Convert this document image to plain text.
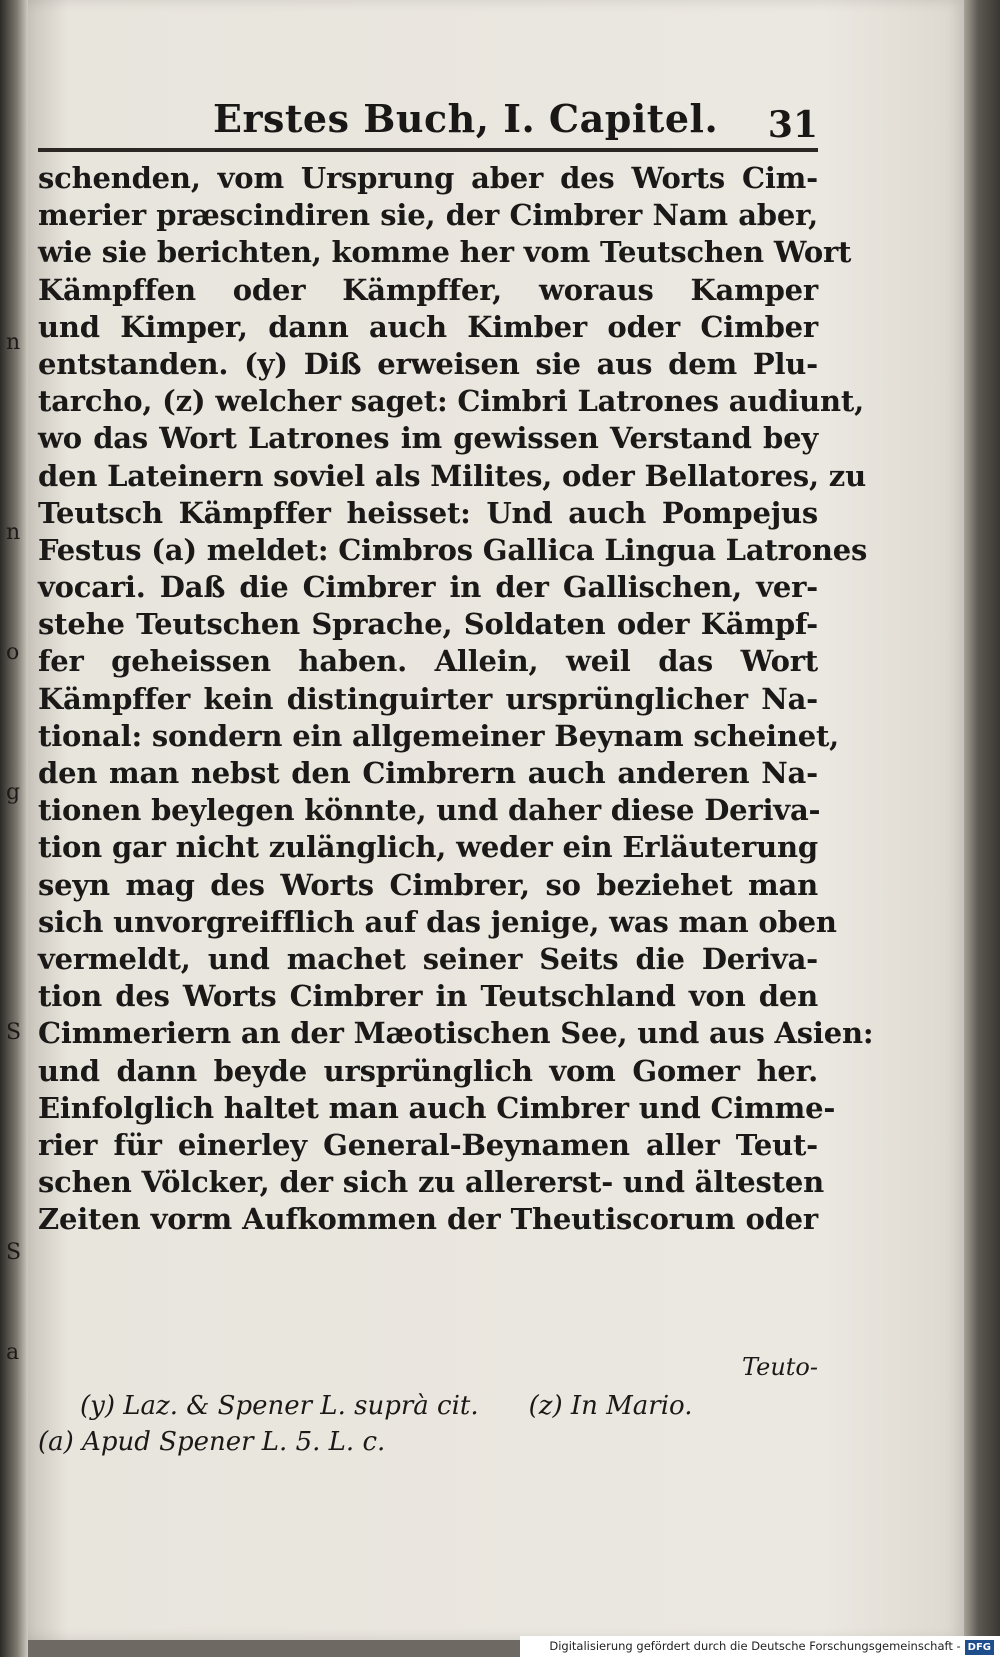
n
n
o
g
S
S
a
Erstes Buch, I. Capitel. 31
schenden, vom Ursprung aber des Worts Cim-
merier præscindiren sie, der Cimbrer Nam aber,
wie sie berichten, komme her vom Teutschen Wort
Kämpffen oder Kämpffer, woraus Kamper
und Kimper, dann auch Kimber oder Cimber
entstanden. (y) Diß erweisen sie aus dem Plu-
tarcho, (z) welcher saget: Cimbri Latrones audiunt,
wo das Wort Latrones im gewissen Verstand bey
den Lateinern soviel als Milites, oder Bellatores, zu
Teutsch Kämpffer heisset: Und auch Pompejus
Festus (a) meldet: Cimbros Gallica Lingua Latrones
vocari. Daß die Cimbrer in der Gallischen, ver-
stehe Teutschen Sprache, Soldaten oder Kämpf-
fer geheissen haben. Allein, weil das Wort
Kämpffer kein distinguirter ursprünglicher Na-
tional: sondern ein allgemeiner Beynam scheinet,
den man nebst den Cimbrern auch anderen Na-
tionen beylegen könnte, und daher diese Deriva-
tion gar nicht zulänglich, weder ein Erläuterung
seyn mag des Worts Cimbrer, so beziehet man
sich unvorgreifflich auf das jenige, was man oben
vermeldt, und machet seiner Seits die Deriva-
tion des Worts Cimbrer in Teutschland von den
Cimmeriern an der Mæotischen See, und aus Asien:
und dann beyde ursprünglich vom Gomer her.
Einfolglich haltet man auch Cimbrer und Cimme-
rier für einerley General-Beynamen aller Teut-
schen Völcker, der sich zu allererst- und ältesten
Zeiten vorm Aufkommen der Theutiscorum oder
Teuto-
(y) Laz. & Spener L. suprà cit. (z) In Mario.
(a) Apud Spener L. 5. L. c.
Digitalisierung gefördert durch die Deutsche Forschungsgemeinschaft - DFG
